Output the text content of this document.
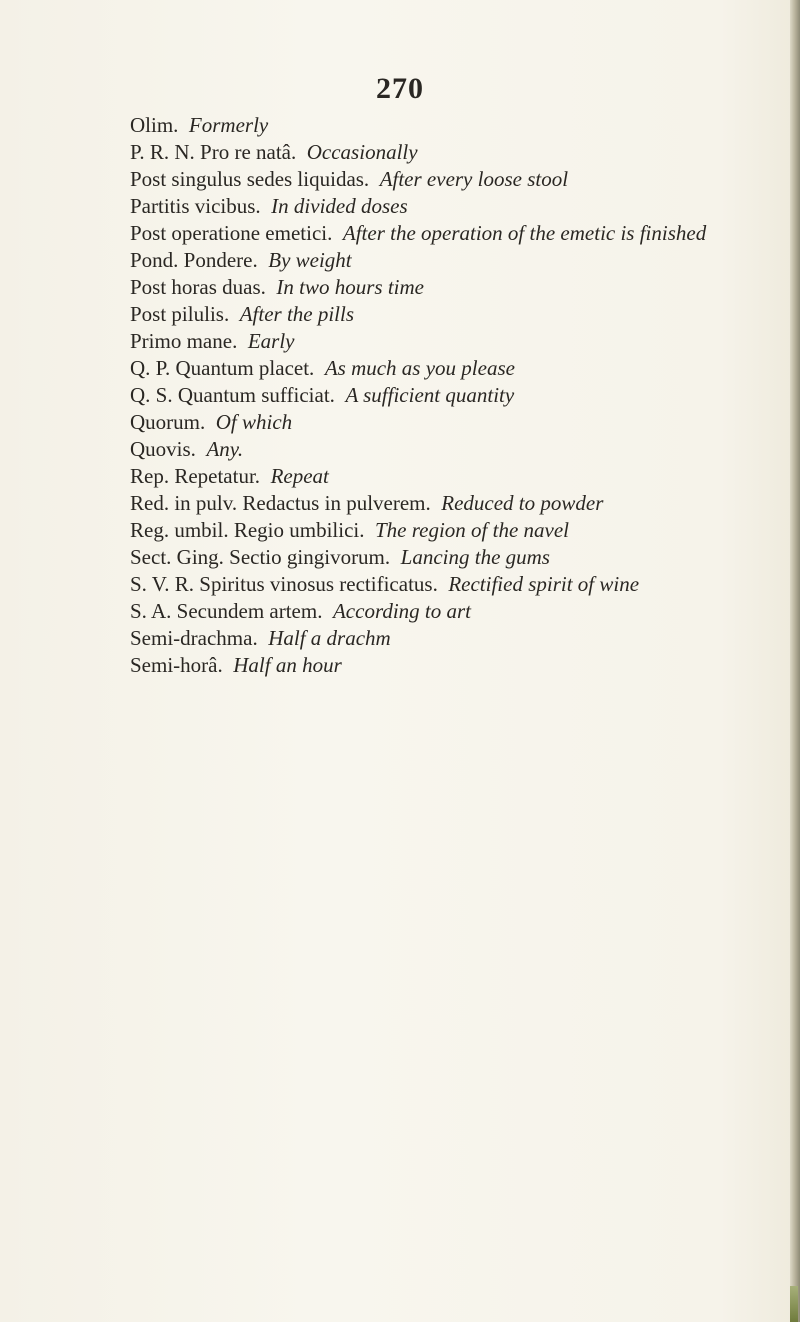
270
Olim. Formerly
P. R. N. Pro re natâ. Occasionally
Post singulus sedes liquidas. After every loose stool
Partitis vicibus. In divided doses
Post operatione emetici. After the operation of the emetic is finished
Pond. Pondere. By weight
Post horas duas. In two hours time
Post pilulis. After the pills
Primo mane. Early
Q. P. Quantum placet. As much as you please
Q. S. Quantum sufficiat. A sufficient quantity
Quorum. Of which
Quovis. Any.
Rep. Repetatur. Repeat
Red. in pulv. Redactus in pulverem. Reduced to powder
Reg. umbil. Regio umbilici. The region of the navel
Sect. Ging. Sectio gingivorum. Lancing the gums
S. V. R. Spiritus vinosus rectificatus. Rectified spirit of wine
S. A. Secundem artem. According to art
Semi-drachma. Half a drachm
Semi-horâ. Half an hour
